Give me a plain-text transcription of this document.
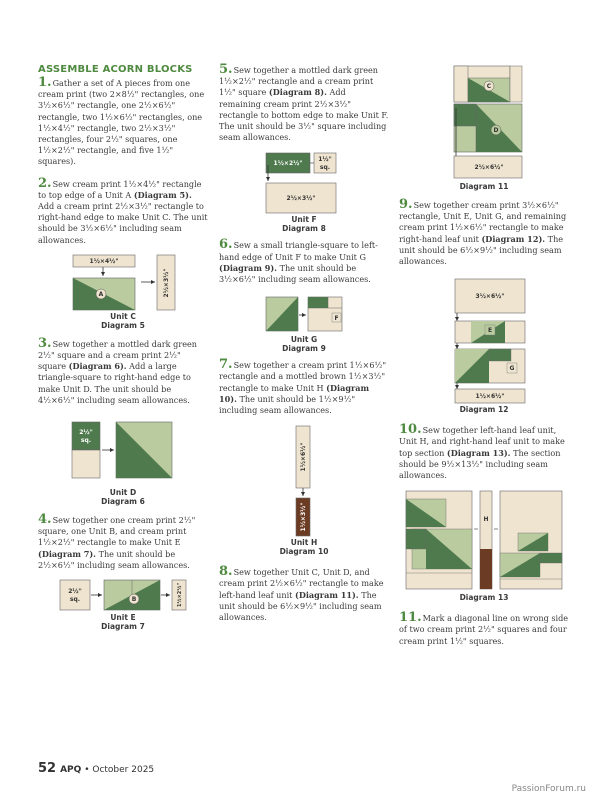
ASSEMBLE ACORN BLOCKS

1.Gather a set of A pieces from one cream print (two 2×8½" rectangles, one 3½×6½" rectangle, one 2½×6½" rectangle, two 1½×6½" rectangles, one 1½×4½" rectangle, two 2½×3½" rectangles, four 2½" squares, one 1½×2½" rectangle, and five 1½" squares).

2.Sew cream print 1½×4½" rectangle to top edge of a Unit A (Diagram 5). Add a cream print 2½×3½" rectangle to right-hand edge to make Unit C. The unit should be 3½×6½" including seam allowances.

1½×4½"
A	2½×3½"
Unit C
Diagram 5

3.Sew together a mottled dark green 2½" square and a cream print 2½" square (Diagram 6). Add a large triangle-square to right-hand edge to make Unit D. The unit should be 4½×6½" including seam allowances.

2½"
sq.
Unit D
Diagram 6

4.Sew together one cream print 2½" square, one Unit B, and cream print 1½×2½" rectangle to make Unit E (Diagram 7). The unit should be 2½×6½" including seam allowances.

2½"
sq.	B	1½×2½"
Unit E
Diagram 7

5.Sew together a mottled dark green 1½×2½" rectangle and a cream print 1½" square (Diagram 8). Add remaining cream print 2½×3½" rectangle to bottom edge to make Unit F. The unit should be 3½" square including seam allowances.

1½×2½"
1½"
sq.
2½×3½"
Unit F
Diagram 8

6.Sew a small triangle-square to left-hand edge of Unit F to make Unit G (Diagram 9). The unit should be 3½×6½" including seam allowances.

F
Unit G
Diagram 9

7.Sew together a cream print 1½×6½" rectangle and a mottled brown 1½×3½" rectangle to make Unit H (Diagram 10). The unit should be 1½×9½" including seam allowances.

1½×6½"
1½×3½"
Unit H
Diagram 10

8.Sew together Unit C, Unit D, and cream print 2½×6½" rectangle to make left-hand leaf unit (Diagram 11). The unit should be 6½×9½" including seam allowances.

C
D
2½×6½"
Diagram 11

9.Sew together cream print 3½×6½" rectangle, Unit E, Unit G, and remaining cream print 1½×6½" rectangle to make right-hand leaf unit (Diagram 12). The unit should be 6½×9½" including seam allowances.

3½×6½"
E
G
1½×6½"
Diagram 12

10.Sew together left-hand leaf unit, Unit H, and right-hand leaf unit to make top section (Diagram 13). The section should be 9½×13½" including seam allowances.

H
Diagram 13

11.Mark a diagonal line on wrong side of two cream print 2½" squares and four cream print 1½" squares.

52 APQ • October 2025
PassionForum.ru
